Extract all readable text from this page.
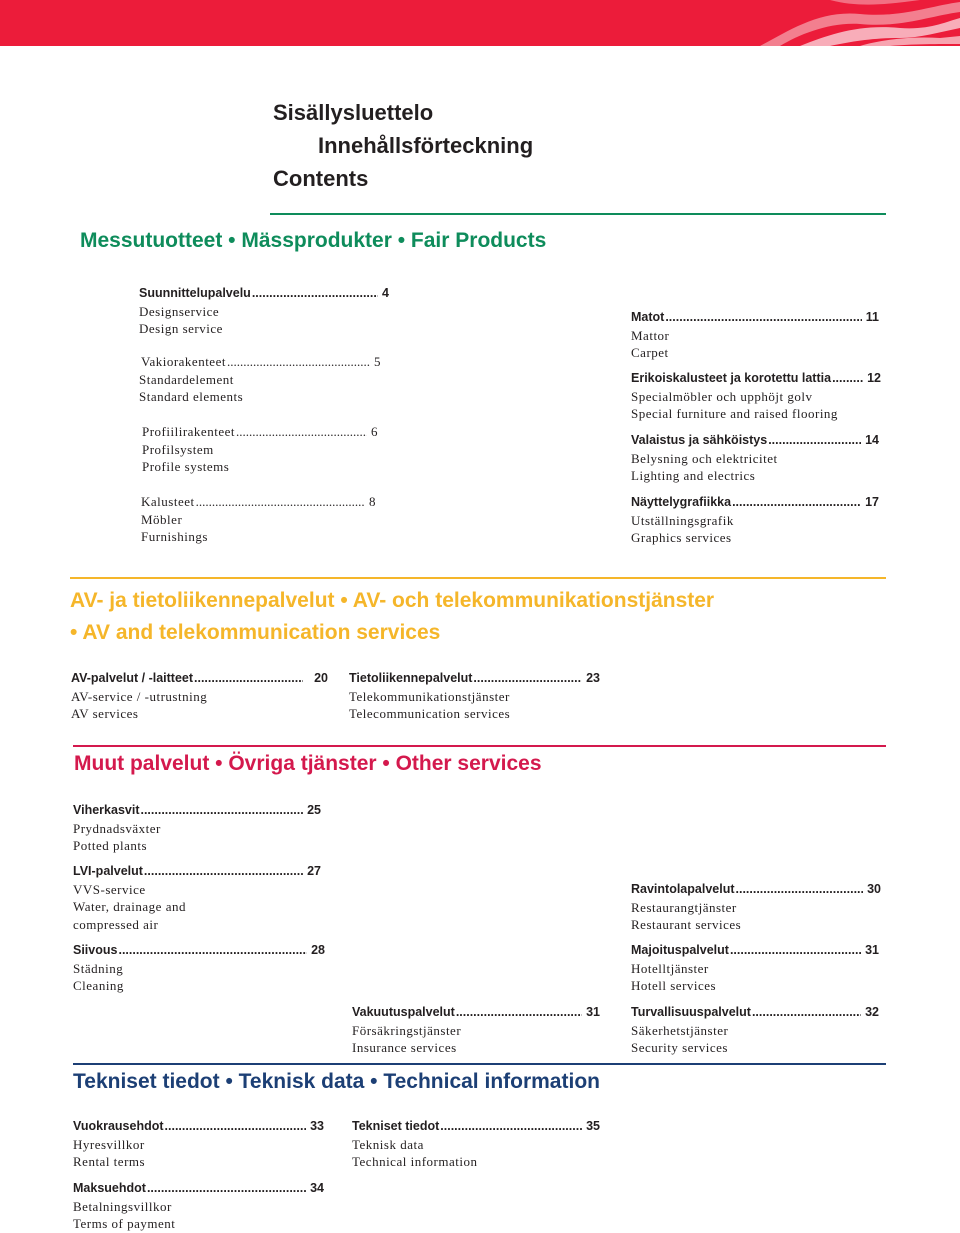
Sisällysluettelo
Innehållsförteckning
Contents
Messutuotteet • Mässprodukter • Fair Products
Suunnittelupalvelu .....	4
Designservice
Design service
Vakiorakenteet .....	5
Standardelement
Standard elements
Profiilirakenteet .....	6
Profilsystem
Profile systems
Kalusteet .....	8
Möbler
Furnishings
Matot .....	11
Mattor
Carpet
Erikoiskalusteet ja korotettu lattia .....	12
Specialmöbler och upphöjt golv
Special furniture and raised flooring
Valaistus ja sähköistys .....	14
Belysning och elektricitet
Lighting and electrics
Näyttelygrafiikka .....	17
Utställningsgrafik
Graphics services
AV- ja tietoliikennepalvelut • AV- och telekommunikationstjänster
• AV and telekommunication services
AV-palvelut / -laitteet .....	20
AV-service / -utrustning
AV services
Tietoliikennepalvelut .....	23
Telekommunikationstjänster
Telecommunication services
Muut palvelut • Övriga tjänster • Other services
Viherkasvit .....	25
Prydnadsväxter
Potted plants
LVI-palvelut .....	27
VVS-service
Water, drainage and
compressed air
Siivous .....	28
Städning
Cleaning
Vakuutuspalvelut .....	31
Försäkringstjänster
Insurance services
Ravintolapalvelut .....	30
Restaurangtjänster
Restaurant services
Majoituspalvelut .....	31
Hotelltjänster
Hotell services
Turvallisuuspalvelut .....	32
Säkerhetstjänster
Security services
Tekniset tiedot • Teknisk data • Technical information
Vuokrausehdot .....	33
Hyresvillkor
Rental terms
Maksuehdot .....	34
Betalningsvillkor
Terms of payment
Tekniset tiedot .....	35
Teknisk data
Technical information
